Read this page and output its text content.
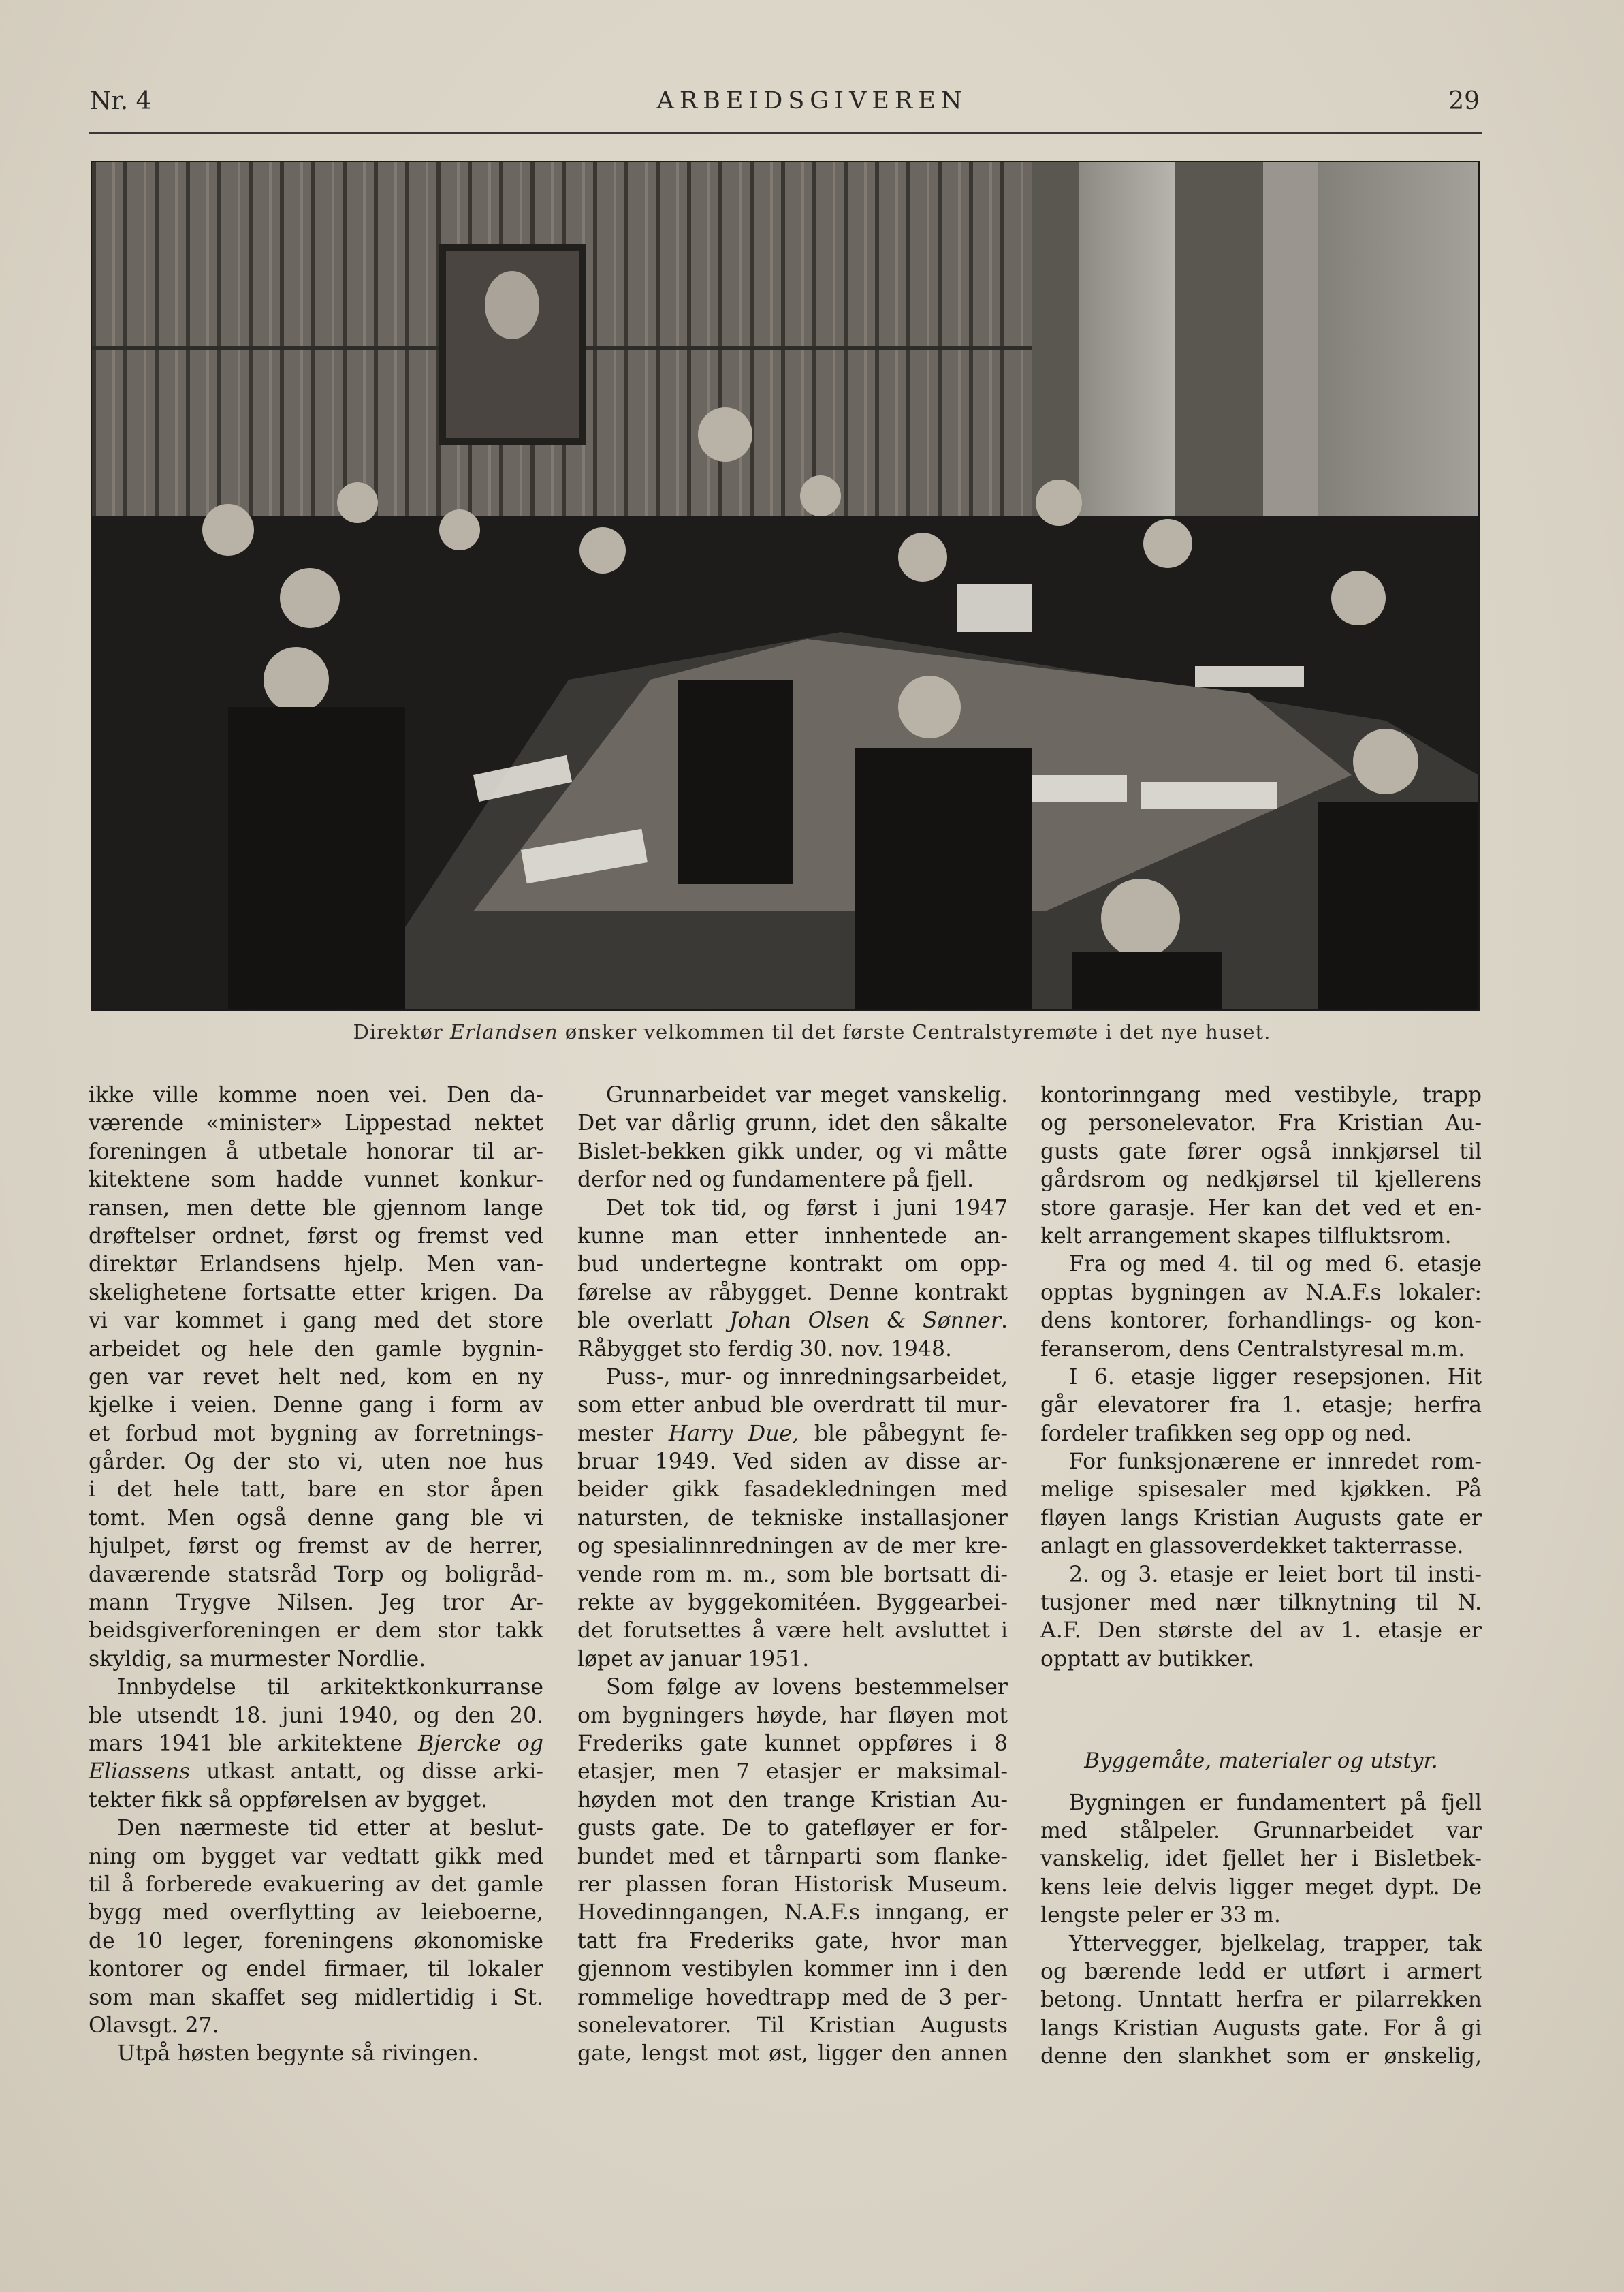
ARBEIDSGIVEREN
Nr. 4	29
Direktør Erlandsen ønsker velkommen til det første Centralstyremøte i det nye huset.
ikke ville komme noen vei. Den da-
værende «minister» Lippestad nektet
foreningen å utbetale honorar til ar-
kitektene som hadde vunnet konkur-
ransen, men dette ble gjennom lange
drøftelser ordnet, først og fremst ved
direktør Erlandsens hjelp. Men van-
skelighetene fortsatte etter krigen. Da
vi var kommet i gang med det store
arbeidet og hele den gamle bygnin-
gen var revet helt ned, kom en ny
kjelke i veien. Denne gang i form av
et forbud mot bygning av forretnings-
gårder. Og der sto vi, uten noe hus
i det hele tatt, bare en stor åpen
tomt. Men også denne gang ble vi
hjulpet, først og fremst av de herrer,
daværende statsråd Torp og boligråd-
mann Trygve Nilsen. Jeg tror Ar-
beidsgiverforeningen er dem stor takk
skyldig, sa murmester Nordlie.
Innbydelse til arkitektkonkurranse
ble utsendt 18. juni 1940, og den 20.
mars 1941 ble arkitektene Bjercke og
Eliassens utkast antatt, og disse arki-
tekter fikk så oppførelsen av bygget.
Den nærmeste tid etter at beslut-
ning om bygget var vedtatt gikk med
til å forberede evakuering av det gamle
bygg med overflytting av leieboerne,
de 10 leger, foreningens økonomiske
kontorer og endel firmaer, til lokaler
som man skaffet seg midlertidig i St.
Olavsgt. 27.
Utpå høsten begynte så rivingen.
Grunnarbeidet var meget vanskelig.
Det var dårlig grunn, idet den såkalte
Bislet-bekken gikk under, og vi måtte
derfor ned og fundamentere på fjell.
Det tok tid, og først i juni 1947
kunne man etter innhentede an-
bud undertegne kontrakt om opp-
førelse av råbygget. Denne kontrakt
ble overlatt Johan Olsen & Sønner.
Råbygget sto ferdig 30. nov. 1948.
Puss-, mur- og innredningsarbeidet,
som etter anbud ble overdratt til mur-
mester Harry Due, ble påbegynt fe-
bruar 1949. Ved siden av disse ar-
beider gikk fasadekledningen med
natursten, de tekniske installasjoner
og spesialinnredningen av de mer kre-
vende rom m. m., som ble bortsatt di-
rekte av byggekomitéen. Byggearbei-
det forutsettes å være helt avsluttet i
løpet av januar 1951.
Som følge av lovens bestemmelser
om bygningers høyde, har fløyen mot
Frederiks gate kunnet oppføres i 8
etasjer, men 7 etasjer er maksimal-
høyden mot den trange Kristian Au-
gusts gate. De to gatefløyer er for-
bundet med et tårnparti som flanke-
rer plassen foran Historisk Museum.
Hovedinngangen, N.A.F.s inngang, er
tatt fra Frederiks gate, hvor man
gjennom vestibylen kommer inn i den
rommelige hovedtrapp med de 3 per-
sonelevatorer. Til Kristian Augusts
gate, lengst mot øst, ligger den annen
kontorinngang med vestibyle, trapp
og personelevator. Fra Kristian Au-
gusts gate fører også innkjørsel til
gårdsrom og nedkjørsel til kjellerens
store garasje. Her kan det ved et en-
kelt arrangement skapes tilfluktsrom.
Fra og med 4. til og med 6. etasje
opptas bygningen av N.A.F.s lokaler:
dens kontorer, forhandlings- og kon-
feranserom, dens Centralstyresal m.m.
I 6. etasje ligger resepsjonen. Hit
går elevatorer fra 1. etasje; herfra
fordeler trafikken seg opp og ned.
For funksjonærene er innredet rom-
melige spisesaler med kjøkken. På
fløyen langs Kristian Augusts gate er
anlagt en glassoverdekket takterrasse.
2. og 3. etasje er leiet bort til insti-
tusjoner med nær tilknytning til N.
A.F. Den største del av 1. etasje er
opptatt av butikker.
Byggemåte, materialer og utstyr.
Bygningen er fundamentert på fjell
med stålpeler. Grunnarbeidet var
vanskelig, idet fjellet her i Bisletbek-
kens leie delvis ligger meget dypt. De
lengste peler er 33 m.
Yttervegger, bjelkelag, trapper, tak
og bærende ledd er utført i armert
betong. Unntatt herfra er pilarrekken
langs Kristian Augusts gate. For å gi
denne den slankhet som er ønskelig,
